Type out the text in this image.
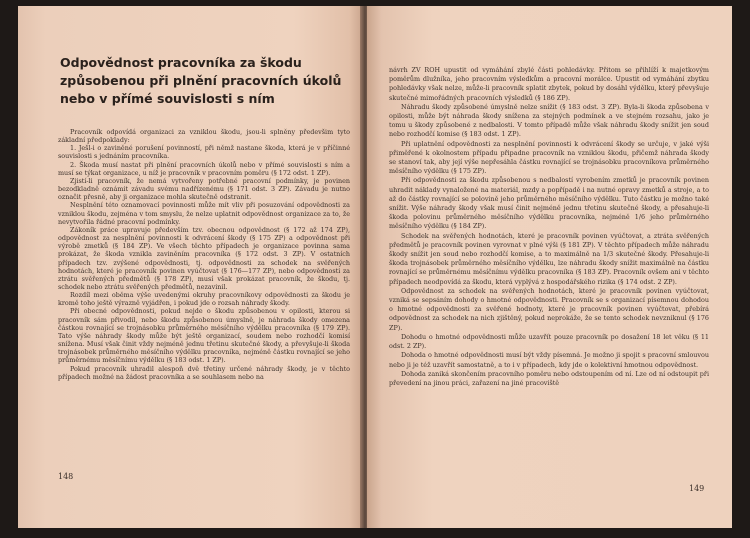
Odpovědnost pracovníka za škodu způsobenou při plnění pracovních úkolů nebo v přímé souvislosti s ním

Pracovník odpovídá organizaci za vzniklou škodu, jsou-li splněny předevšim tyto základní předpoklady:

1. Ješl-i o zaviněné porušení povinností, při němž nastane škoda, která je v příčinné souvislosti s jednáním pracovníka.

2. Škoda musí nastat při plnění pracovních úkolů nebo v přímé souvislosti s ním a musí se týkat organizace, u níž je pracovník v pracovním poměru (§ 172 odst. 1 ZP).

Zjistí-li pracovník, že nemá vytvořeny potřebné pracovní podmínky, je povinen bezodkladně oznámit závadu svému nadřízenému (§ 171 odst. 3 ZP). Závadu je nutno označit přesně, aby ji organizace mohla skutečně odstranit.

Nesplnění této oznamovací povinnosti může mít vliv při posuzování odpovědnosti za vzniklou škodu, zejména v tom smyslu, že nelze uplatnit odpovědnost organizace za to, že nevytvořila řádné pracovní podmínky.

Zákoník práce upravuje především tzv. obecnou odpovědnost (§ 172 až 174 ZP), odpovědnost za nesplnění povinnosti k odvrácení škody (§ 175 ZP) a odpovědnost při výrobě zmetků (§ 184 ZP). Ve všech těchto případech je organizace povinna sama prokázat, že škoda vznikla zaviněním pracovníka (§ 172 odst. 3 ZP). V ostatních případech tzv. zvýšené odpovědnosti, tj. odpovědnosti za schodek na svěřených hodnotách, které je pracovník povinen vyúčtovat (§ 176—177 ZP), nebo odpovědnosti za ztrátu svěřených předmětů (§ 178 ZP), musí však prokázat pracovník, že škodu, tj. schodek nebo ztrátu svěřených předmětů, nezavinil.

Rozdíl mezi oběma výše uvedenými okruhy pracovníkovy odpovědnosti za škodu je kromě toho ještě výrazně vyjádřen, i pokud jde o rozsah náhrady škody.

Při obecné odpovědnosti, pokud nejde o škodu způsobenou v opilosti, kterou si pracovník sám přivodil, nebo škodu způsobenou úmyslně, je náhrada škody omezena částkou rovnající se trojnásobku průměrného měsíčního výdělku pracovníka (§ 179 ZP). Tato výše náhrady škody může být ještě organizací, soudem nebo rozhodčí komisí snížena. Musí však činit vždy nejméně jednu třetinu skutečné škody, a převyšuje-li škoda trojnásobek průměrného měsíčního výdělku pracovníka, nejméně částku rovnající se jeho průměrnému měsíčnímu výdělku (§ 183 odst. 1 ZP).

Pokud pracovník uhradil alespoň dvě třetiny určené náhrady škody, je v těchto případech možné na žádost pracovníka a se souhlasem nebo na

148

návrh ZV ROH upustit od vymáhání zbylé části pohledávky. Přitom se přihlíží k majetkovým poměrům dlužníka, jeho pracovním výsledkům a pracovní morálce. Upustit od vymáhání zbytku pohledávky však nelze, může-li pracovník splatit zbytek, pokud by dosáhl výdělku, který převyšuje skutečné mimořádných pracovních výsledků (§ 186 ZP).

Náhradu škody způsobené úmyslně nelze snížit (§ 183 odst. 3 ZP). Byla-li škoda způsobena v opilosti, může být náhrada škody snížena za stejných podmínek a ve stejném rozsahu, jako je tomu u škody způsobené z nedbalosti. V tomto případě může však náhradu škody snížit jen soud nebo rozhodčí komise (§ 183 odst. 1 ZP).

Při uplatnění odpovědnosti za nesplnění povinnosti k odvrácení škody se určuje, v jaké výši přiměřené k okolnostem případu připadne pracovník na vzniklou škodu, přičemž náhrada škody se stanoví tak, aby její výše nepřesáhla částku rovnající se trojnásobku pracovníkova průměrného měsíčního výdělku (§ 175 ZP).

Při odpovědnosti za škodu způsobenou s nedbalostí vyrobením zmetků je pracovník povinen uhradit náklady vynaložené na materiál, mzdy a popřípadě i na nutné opravy zmetků a stroje, a to až do částky rovnající se polovině jeho průměrného měsíčního výdělku. Tuto částku je možno také snížit. Výše náhrady škody však musí činit nejméně jednu třetinu skutečné škody, a přesahuje-li škoda polovinu průměrného měsíčního výdělku pracovníka, nejméně 1/6 jeho průměrného měsíčního výdělku (§ 184 ZP).

Schodek na svěřených hodnotách, které je pracovník povinen vyúčtovat, a ztráta svěřených předmětů je pracovník povinen vyrovnat v plné výši (§ 181 ZP). V těchto případech může náhradu škody snížit jen soud nebo rozhodčí komise, a to maximálně na 1/3 skutečné škody. Přesahuje-li škoda trojnásobek průměrného měsíčního výdělku, lze náhradu škody snížit maximálně na částku rovnající se průměrnému měsíčnímu výdělku pracovníka (§ 183 ZP). Pracovník ovšem ani v těchto případech neodpovídá za škodu, která vyplývá z hospodářského rizika (§ 174 odst. 2 ZP).

Odpovědnost za schodek na svěřených hodnotách, které je pracovník povinen vyúčtovat, vzniká se sepsáním dohody o hmotné odpovědnosti. Pracovník se s organizací písemnou dohodou o hmotné odpovědnosti za svěřené hodnoty, které je pracovník povinen vyúčtovat, přebírá odpovědnost za schodek na nich zjištěný, pokud neprokáže, že se tento schodek nevzniknul (§ 176 ZP).

Dohodu o hmotné odpovědnosti může uzavřít pouze pracovník po dosažení 18 let věku (§ 11 odst. 2 ZP).

Dohoda o hmotné odpovědnosti musí být vždy písemná. Je možno ji spojit s pracovní smlouvou nebo ji je též uzavřít samostatně, a to i v případech, kdy jde o kolektivní hmotnou odpovědnost.

Dohoda zaniká skončením pracovního poměru nebo odstoupením od ní. Lze od ní odstoupit při převedení na jinou práci, zařazení na jiné pracoviště

149
